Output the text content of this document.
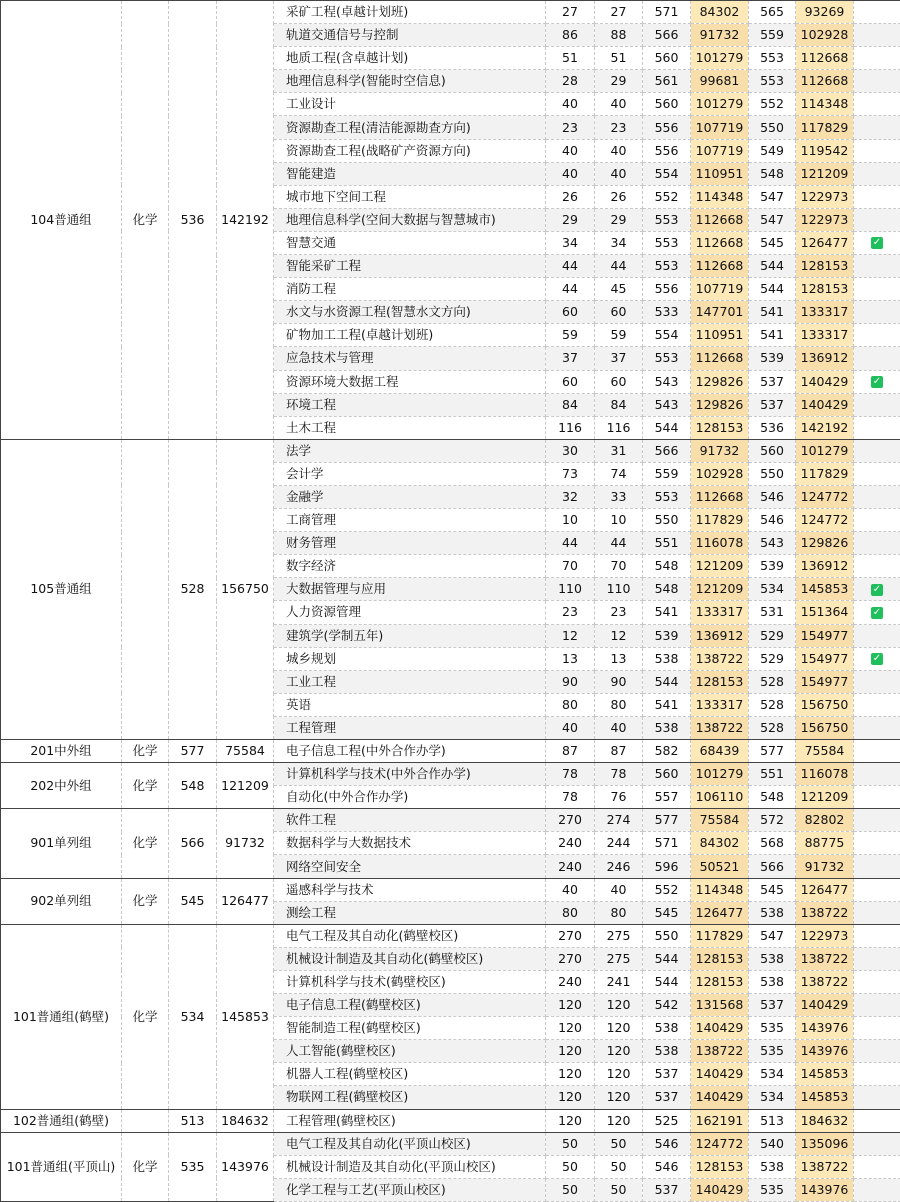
104普通组	化学	536	142192	采矿工程(卓越计划班)	27	27	571	84302	565	93269	
				轨道交通信号与控制	86	88	566	91732	559	102928	
				地质工程(含卓越计划)	51	51	560	101279	553	112668	
				地理信息科学(智能时空信息)	28	29	561	99681	553	112668	
				工业设计	40	40	560	101279	552	114348	
				资源勘查工程(清洁能源勘查方向)	23	23	556	107719	550	117829	
				资源勘查工程(战略矿产资源方向)	40	40	556	107719	549	119542	
				智能建造	40	40	554	110951	548	121209	
				城市地下空间工程	26	26	552	114348	547	122973	
				地理信息科学(空间大数据与智慧城市)	29	29	553	112668	547	122973	
				智慧交通	34	34	553	112668	545	126477	✓
				智能采矿工程	44	44	553	112668	544	128153	
				消防工程	44	45	556	107719	544	128153	
				水文与水资源工程(智慧水文方向)	60	60	533	147701	541	133317	
				矿物加工工程(卓越计划班)	59	59	554	110951	541	133317	
				应急技术与管理	37	37	553	112668	539	136912	
				资源环境大数据工程	60	60	543	129826	537	140429	✓
				环境工程	84	84	543	129826	537	140429	
				土木工程	116	116	544	128153	536	142192	
105普通组		528	156750	法学	30	31	566	91732	560	101279	
				会计学	73	74	559	102928	550	117829	
				金融学	32	33	553	112668	546	124772	
				工商管理	10	10	550	117829	546	124772	
				财务管理	44	44	551	116078	543	129826	
				数字经济	70	70	548	121209	539	136912	
				大数据管理与应用	110	110	548	121209	534	145853	✓
				人力资源管理	23	23	541	133317	531	151364	✓
				建筑学(学制五年)	12	12	539	136912	529	154977	
				城乡规划	13	13	538	138722	529	154977	✓
				工业工程	90	90	544	128153	528	154977	
				英语	80	80	541	133317	528	156750	
				工程管理	40	40	538	138722	528	156750	
201中外组	化学	577	75584	电子信息工程(中外合作办学)	87	87	582	68439	577	75584	
202中外组	化学	548	121209	计算机科学与技术(中外合作办学)	78	78	560	101279	551	116078	
				自动化(中外合作办学)	78	76	557	106110	548	121209	
901单列组	化学	566	91732	软件工程	270	274	577	75584	572	82802	
				数据科学与大数据技术	240	244	571	84302	568	88775	
				网络空间安全	240	246	596	50521	566	91732	
902单列组	化学	545	126477	遥感科学与技术	40	40	552	114348	545	126477	
				测绘工程	80	80	545	126477	538	138722	
101普通组(鹤壁)	化学	534	145853	电气工程及其自动化(鹤壁校区)	270	275	550	117829	547	122973	
				机械设计制造及其自动化(鹤壁校区)	270	275	544	128153	538	138722	
				计算机科学与技术(鹤壁校区)	240	241	544	128153	538	138722	
				电子信息工程(鹤壁校区)	120	120	542	131568	537	140429	
				智能制造工程(鹤壁校区)	120	120	538	140429	535	143976	
				人工智能(鹤壁校区)	120	120	538	138722	535	143976	
				机器人工程(鹤壁校区)	120	120	537	140429	534	145853	
				物联网工程(鹤壁校区)	120	120	537	140429	534	145853	
102普通组(鹤壁)		513	184632	工程管理(鹤壁校区)	120	120	525	162191	513	184632	
101普通组(平顶山)	化学	535	143976	电气工程及其自动化(平顶山校区)	50	50	546	124772	540	135096	
				机械设计制造及其自动化(平顶山校区)	50	50	546	128153	538	138722	
				化学工程与工艺(平顶山校区)	50	50	537	140429	535	143976	
